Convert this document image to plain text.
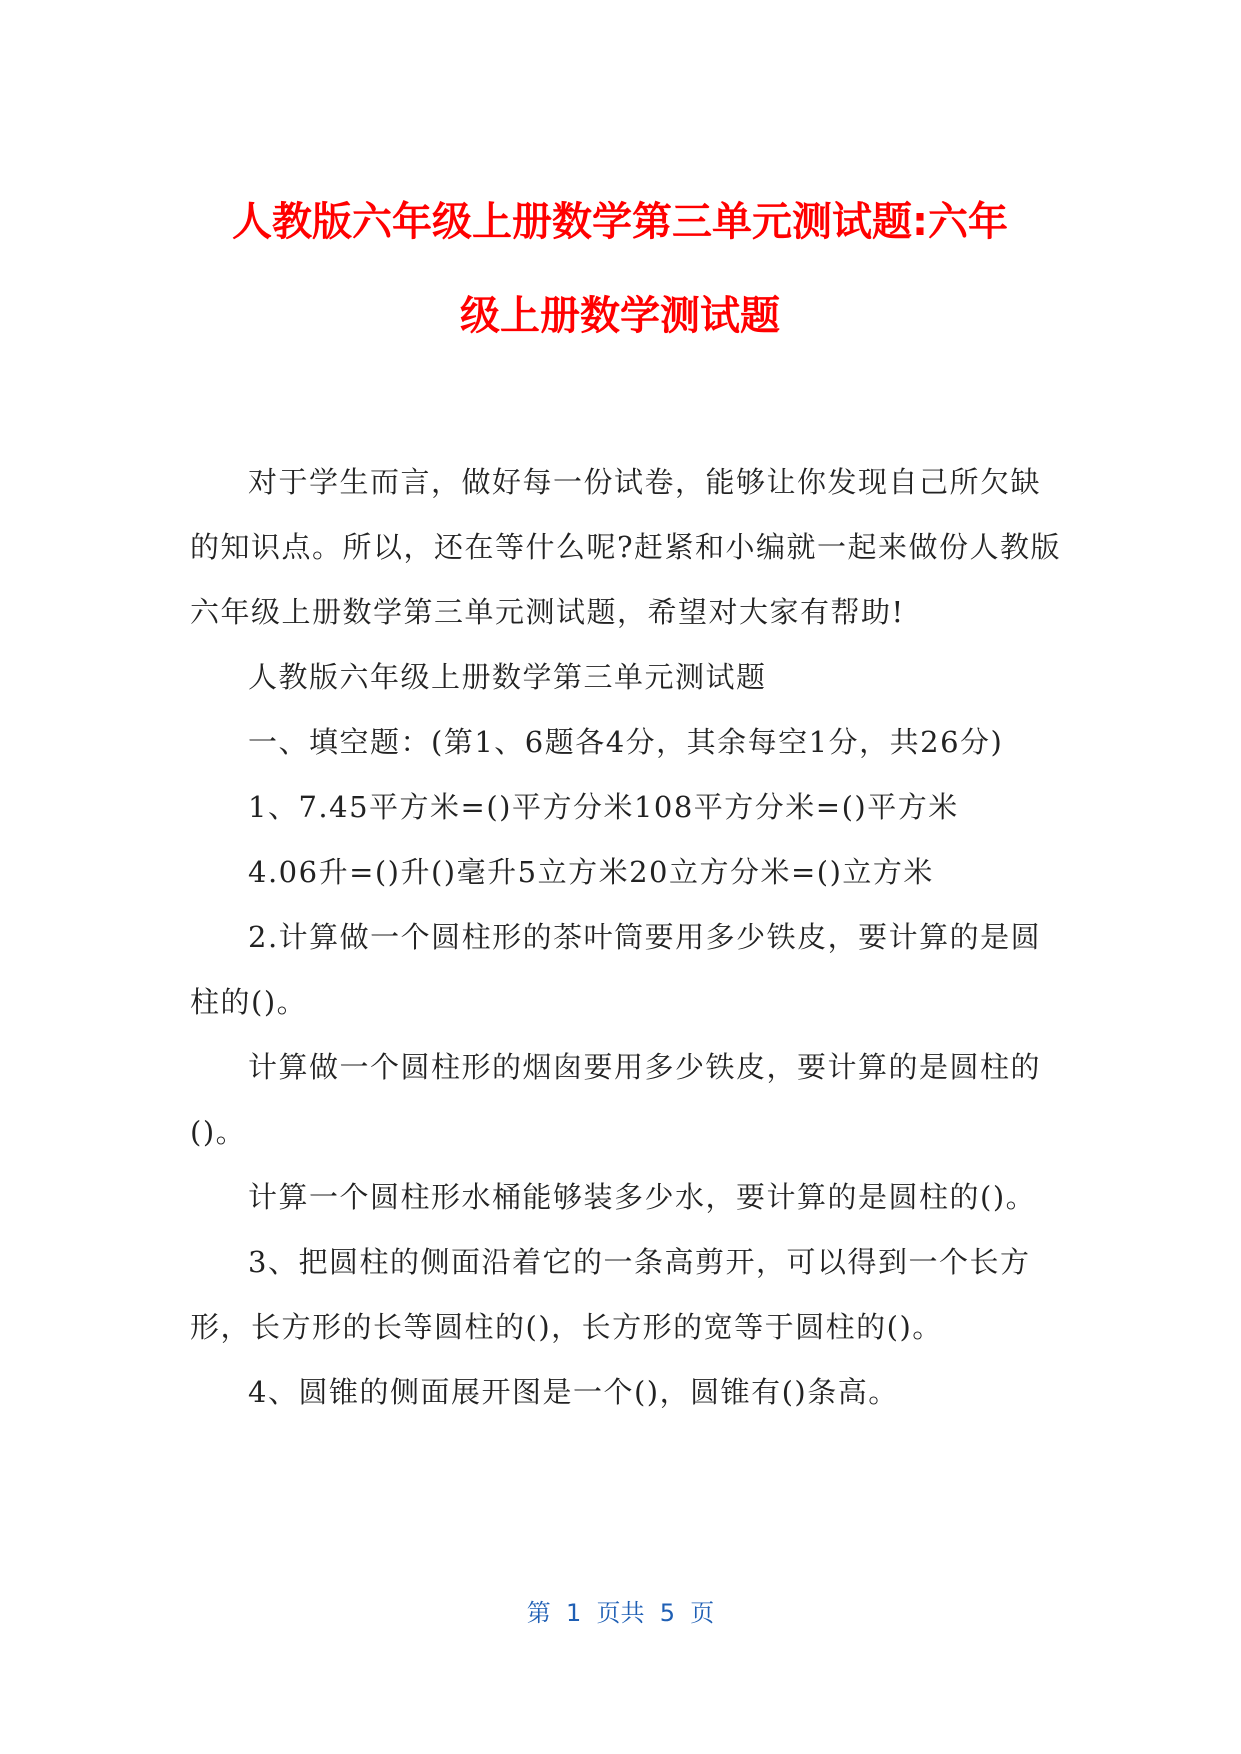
人教版六年级上册数学第三单元测试题:六年
级上册数学测试题

对于学生而言，做好每一份试卷，能够让你发现自己所欠缺的知识点。所以，还在等什么呢?赶紧和小编就一起来做份人教版六年级上册数学第三单元测试题，希望对大家有帮助!

人教版六年级上册数学第三单元测试题

一、填空题：(第1、6题各4分，其余每空1分，共26分)

1、7.45平方米=()平方分米108平方分米=()平方米

4.06升=()升()毫升5立方米20立方分米=()立方米

2.计算做一个圆柱形的茶叶筒要用多少铁皮，要计算的是圆柱的()。

计算做一个圆柱形的烟囱要用多少铁皮，要计算的是圆柱的()。

计算一个圆柱形水桶能够装多少水，要计算的是圆柱的()。

3、把圆柱的侧面沿着它的一条高剪开，可以得到一个长方形，长方形的长等圆柱的()，长方形的宽等于圆柱的()。

4、圆锥的侧面展开图是一个()，圆锥有()条高。

第  1  页共  5  页
